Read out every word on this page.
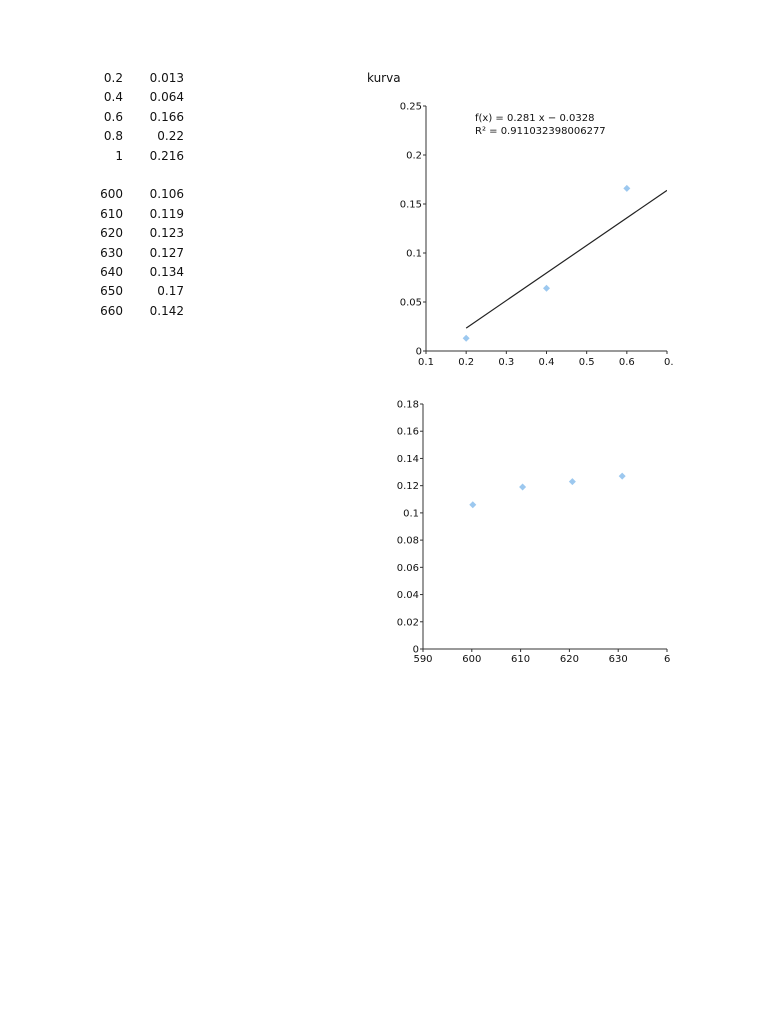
0.2	0.013
0.4	0.064
0.6	0.166
0.8	0.22
1	0.216
600	0.106
610	0.119
620	0.123
630	0.127
640	0.134
650	0.17
660	0.142
kurva
0
0.05
0.1
0.15
0.2
0.25
0.1 0.2 0.3 0.4 0.5 0.6	0.
f(x) = 0.281 x − 0.0328
R² = 0.911032398006277
0
0.02
0.04
0.06
0.08
0.1
0.12
0.14
0.16
0.18
590	600	610	620	630	6
